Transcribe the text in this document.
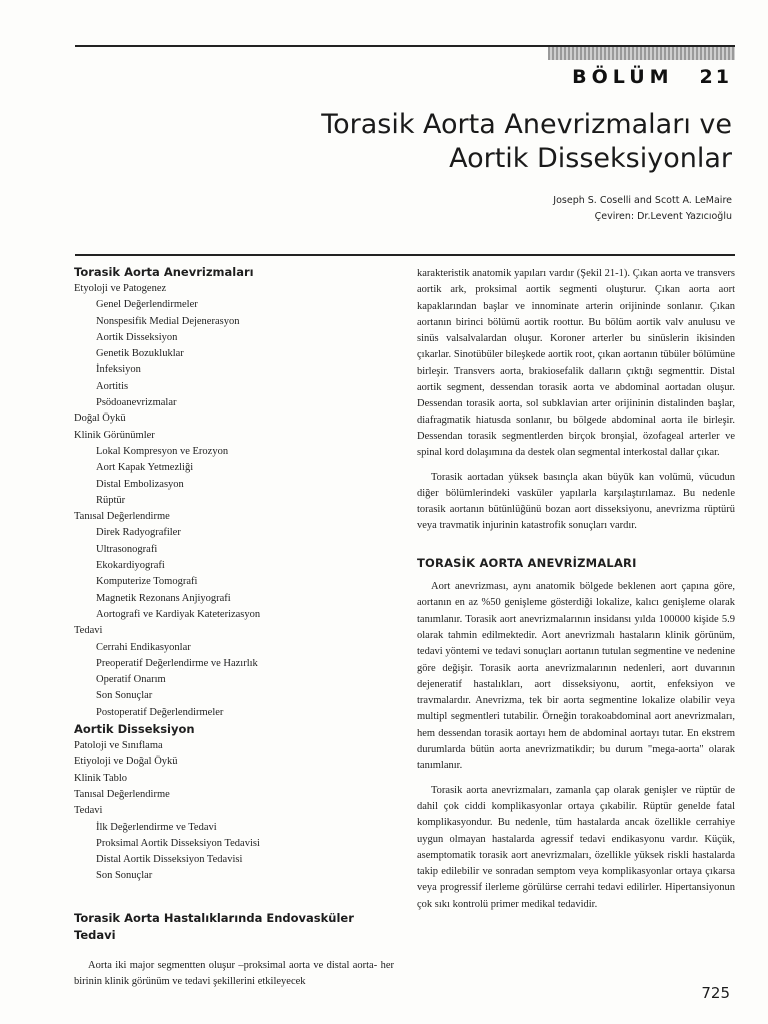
BÖLÜM 21
Torasik Aorta Anevrizmaları ve
Aortik Disseksiyonlar
Joseph S. Coselli and Scott A. LeMaire
Çeviren: Dr.Levent Yazıcıoğlu
Torasik Aorta Anevrizmaları
Etyoloji ve Patogenez
Genel Değerlendirmeler
Nonspesifik Medial Dejenerasyon
Aortik Disseksiyon
Genetik Bozukluklar
İnfeksiyon
Aortitis
Psödoanevrizmalar
Doğal Öykü
Klinik Görünümler
Lokal Kompresyon ve Erozyon
Aort Kapak Yetmezliği
Distal Embolizasyon
Rüptür
Tanısal Değerlendirme
Direk Radyografiler
Ultrasonografi
Ekokardiyografi
Komputerize Tomografi
Magnetik Rezonans Anjiyografi
Aortografi ve Kardiyak Kateterizasyon
Tedavi
Cerrahi Endikasyonlar
Preoperatif Değerlendirme ve Hazırlık
Operatif Onarım
Son Sonuçlar
Postoperatif Değerlendirmeler
Aortik Disseksiyon
Patoloji ve Sınıflama
Etiyoloji ve Doğal Öykü
Klinik Tablo
Tanısal Değerlendirme
Tedavi
İlk Değerlendirme ve Tedavi
Proksimal Aortik Disseksiyon Tedavisi
Distal Aortik Disseksiyon Tedavisi
Son Sonuçlar
Torasik Aorta Hastalıklarında Endovasküler Tedavi

Aorta iki major segmentten oluşur –proksimal aorta ve distal aorta- her birinin klinik görünüm ve tedavi şekillerini etkileyecek

karakteristik anatomik yapıları vardır (Şekil 21-1). Çıkan aorta ve transvers aortik ark, proksimal aortik segmenti oluşturur. Çıkan aorta aort kapaklarından başlar ve innominate arterin orijininde sonlanır. Çıkan aortanın birinci bölümü aortik roottur. Bu bölüm aortik valv anulusu ve sinüs valsalvalardan oluşur. Koroner arterler bu sinüslerin ikisinden çıkarlar. Sinotübüler bileşkede aortik root, çıkan aortanın tübüler bölümüne birleşir. Transvers aorta, brakiosefalik dalların çıktığı segmenttir. Distal aortik segment, dessendan torasik aorta ve abdominal aortadan oluşur. Dessendan torasik aorta, sol subklavian arter orijininin distalinden başlar, diafragmatik hiatusda sonlanır, bu bölgede abdominal aorta ile birleşir. Dessendan torasik segmentlerden birçok bronşial, özofageal arterler ve spinal kord dolaşımına da destek olan segmental interkostal dallar çıkar.

Torasik aortadan yüksek basınçla akan büyük kan volümü, vücudun diğer bölümlerindeki vasküler yapılarla karşılaştırılamaz. Bu nedenle torasik aortanın bütünlüğünü bozan aort disseksiyonu, anevrizma rüptürü veya travmatik injurinin katastrofik sonuçları vardır.

TORASİK AORTA ANEVRİZMALARI

Aort anevrizması, aynı anatomik bölgede beklenen aort çapına göre, aortanın en az %50 genişleme gösterdiği lokalize, kalıcı genişleme olarak tanımlanır. Torasik aort anevrizmalarının insidansı yılda 100000 kişide 5.9 olarak tahmin edilmektedir. Aort anevrizmalı hastaların klinik görünüm, tedavi yöntemi ve tedavi sonuçları aortanın tutulan segmentine ve nedenine göre değişir. Torasik aorta anevrizmalarının nedenleri, aort duvarının dejeneratif hastalıkları, aort disseksiyonu, aortit, enfeksiyon ve travmalardır. Anevrizma, tek bir aorta segmentine lokalize olabilir veya multipl segmentleri tutabilir. Örneğin torakoabdominal aort anevrizmaları, hem dessendan torasik aortayı hem de abdominal aortayı tutar. En ekstrem durumlarda bütün aorta anevrizmatikdir; bu durum "mega-aorta" olarak tanımlanır.

Torasik aorta anevrizmaları, zamanla çap olarak genişler ve rüptür de dahil çok ciddi komplikasyonlar ortaya çıkabilir. Rüptür genelde fatal komplikasyondur. Bu nedenle, tüm hastalarda ancak özellikle cerrahiye uygun olmayan hastalarda agressif tedavi endikasyonu vardır. Küçük, asemptomatik torasik aort anevrizmaları, özellikle yüksek riskli hastalarda takip edilebilir ve sonradan semptom veya komplikasyonlar ortaya çıkarsa veya progressif ilerleme görülürse cerrahi tedavi edilirler. Hipertansiyonun çok sıkı kontrolü primer medikal tedavidir.

725
